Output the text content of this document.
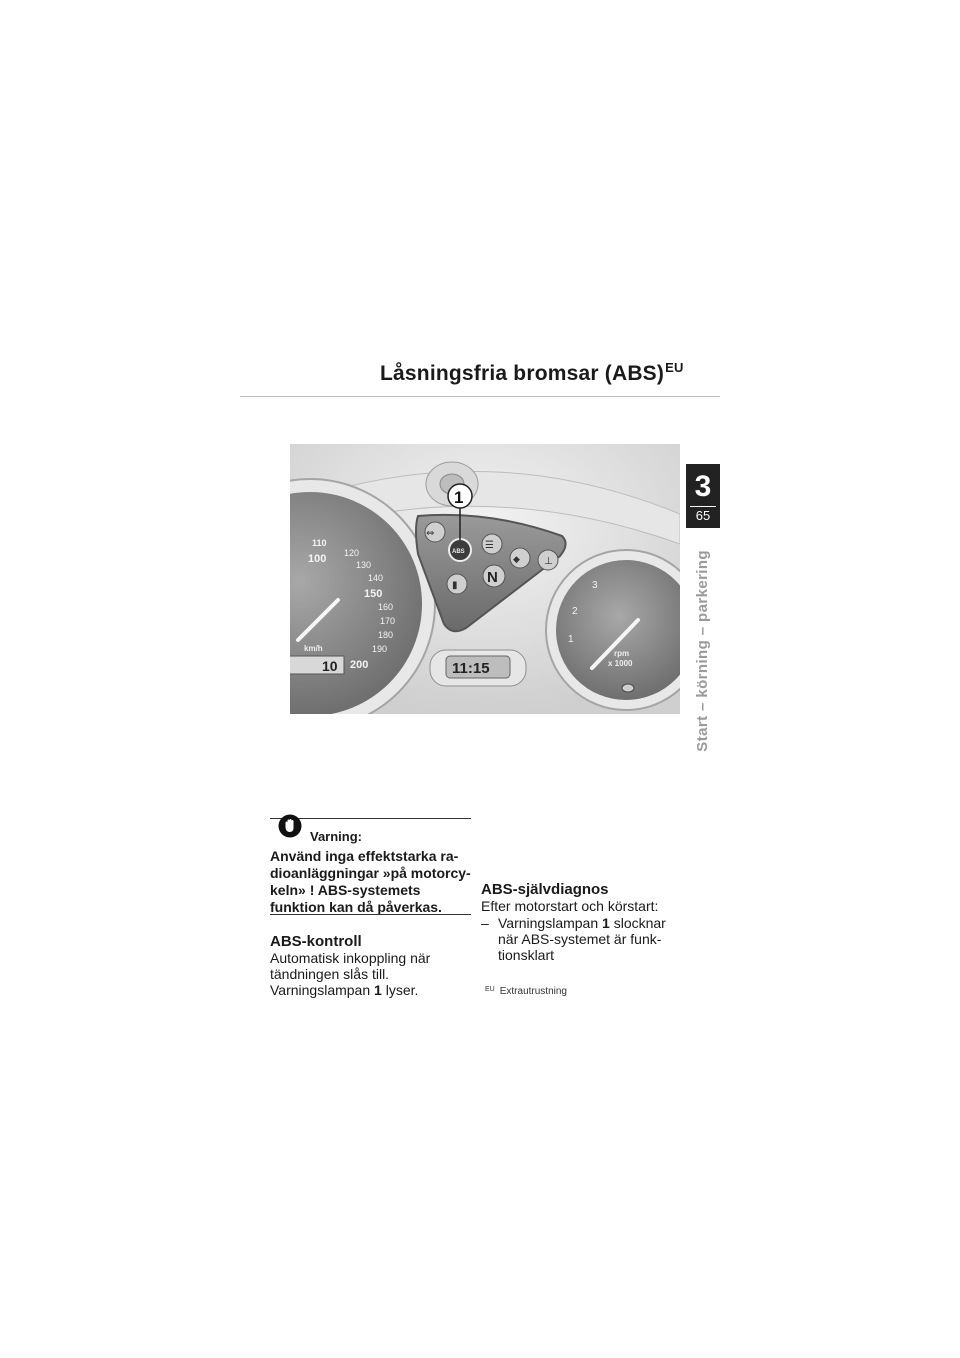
Låsningsfria bromsar (ABS)$^{EU}$
3
65
Start – körning – parkering
110
100 120
130
140
150
160
170
180
190
200
km/h
10
⇔
ABS
☰
◆ ⊥
N
▮
1
11:15
1
2
3
rpm
x 1000
Varning:
Använd inga effektstarka ra-dioanläggningar »på motorcy-keln» ! ABS-systemets funktion kan då påverkas.
ABS-kontroll
Automatisk inkoppling när tändningen slås till. Varningslampan 1 lyser.
ABS-självdiagnos
Efter motorstart och körstart:
– Varningslampan 1 slocknar när ABS-systemet är funk-tionsklart
$^{EU}$ Extrautrustning
